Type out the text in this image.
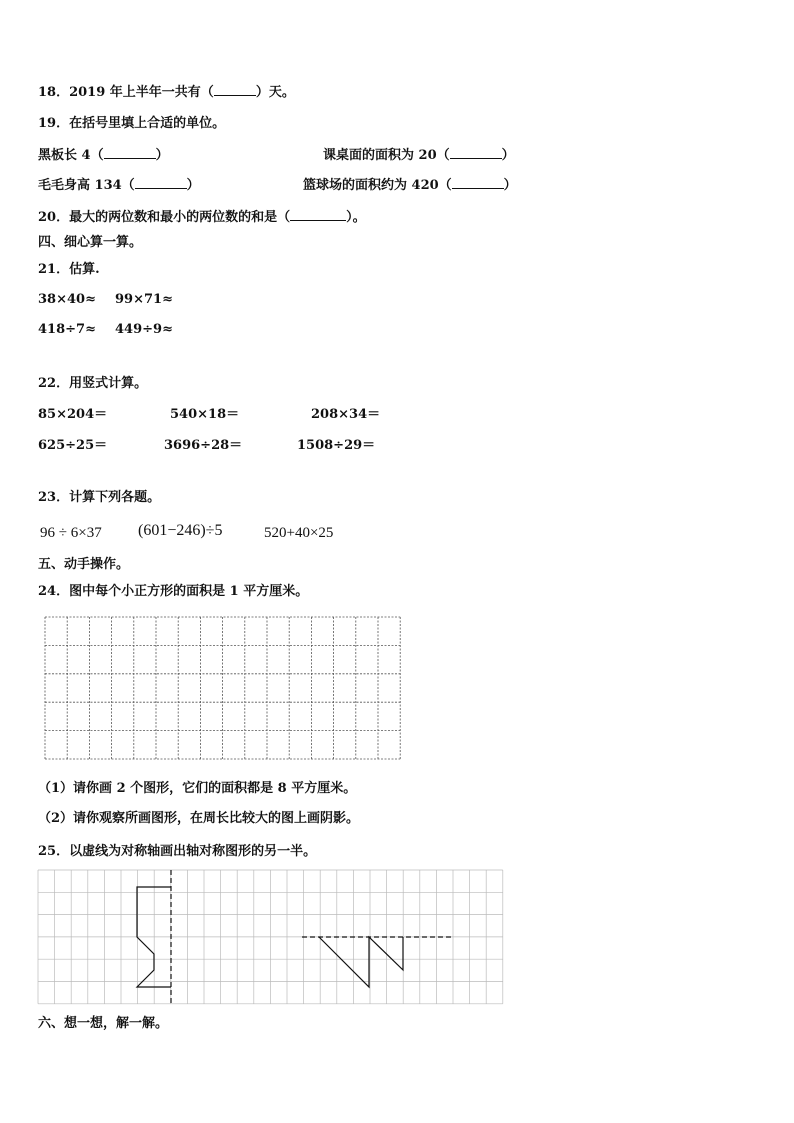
18．2019 年上半年一共有（	）天。
19．在括号里填上合适的单位。
黑板长 4（	）	课桌面的面积为 20（	）
毛毛身高 134（	）	篮球场的面积约为 420（	）
20．最大的两位数和最小的两位数的和是（	）。
四、细心算一算。
21．估算.
38×40≈ 99×71≈
418÷7≈ 449÷9≈
22．用竖式计算。
85×204＝	540×18＝	208×34＝
625÷25＝	3696÷28＝	1508÷29＝
23．计算下列各题。
96 ÷ 6×37 (601−246)÷5	520+40×25
五、动手操作。
24．图中每个小正方形的面积是 1 平方厘米。
（1）请你画 2 个图形，它们的面积都是 8 平方厘米。
（2）请你观察所画图形，在周长比较大的图上画阴影。
25．以虚线为对称轴画出轴对称图形的另一半。
六、想一想，解一解。
